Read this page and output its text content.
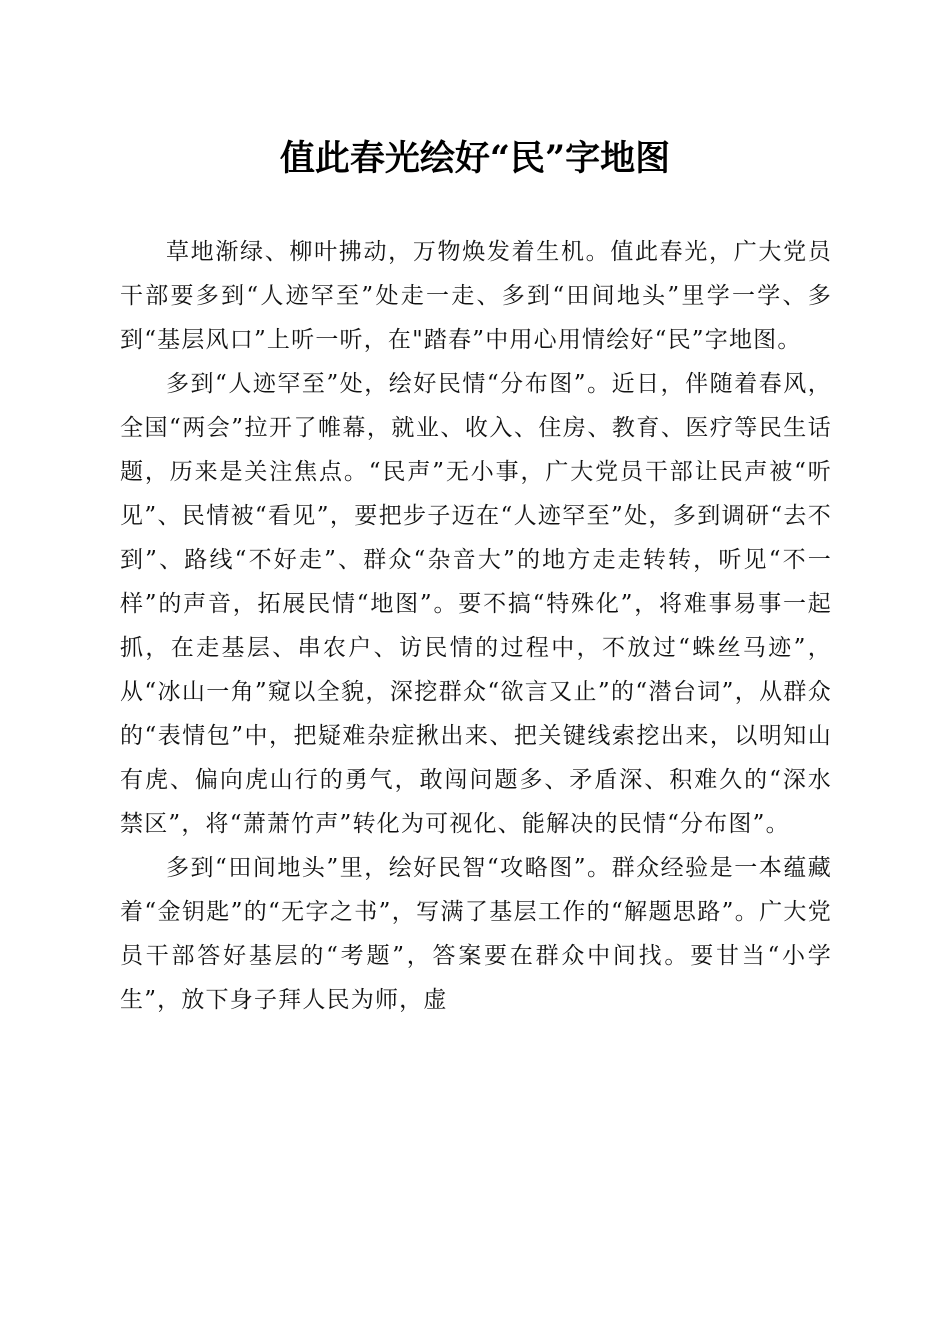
值此春光绘好“民”字地图

草地渐绿、柳叶拂动，万物焕发着生机。值此春光，广大党员干部要多到“人迹罕至”处走一走、多到“田间地头”里学一学、多到“基层风口”上听一听，在"踏春”中用心用情绘好“民”字地图。

多到“人迹罕至”处，绘好民情“分布图”。近日，伴随着春风，全国“两会”拉开了帷幕，就业、收入、住房、教育、医疗等民生话题，历来是关注焦点。“民声”无小事，广大党员干部让民声被“听见”、民情被“看见”，要把步子迈在“人迹罕至”处，多到调研“去不到”、路线“不好走”、群众“杂音大”的地方走走转转，听见“不一样”的声音，拓展民情“地图”。要不搞“特殊化”，将难事易事一起抓，在走基层、串农户、访民情的过程中，不放过“蛛丝马迹”，从“冰山一角”窥以全貌，深挖群众“欲言又止”的“潜台词”，从群众的“表情包”中，把疑难杂症揪出来、把关键线索挖出来，以明知山有虎、偏向虎山行的勇气，敢闯问题多、矛盾深、积难久的“深水禁区”，将“萧萧竹声”转化为可视化、能解决的民情“分布图”。

多到“田间地头”里，绘好民智“攻略图”。群众经验是一本蕴藏着“金钥匙”的“无字之书”，写满了基层工作的“解题思路”。广大党员干部答好基层的“考题”，答案要在群众中间找。要甘当“小学生”，放下身子拜人民为师，虚
